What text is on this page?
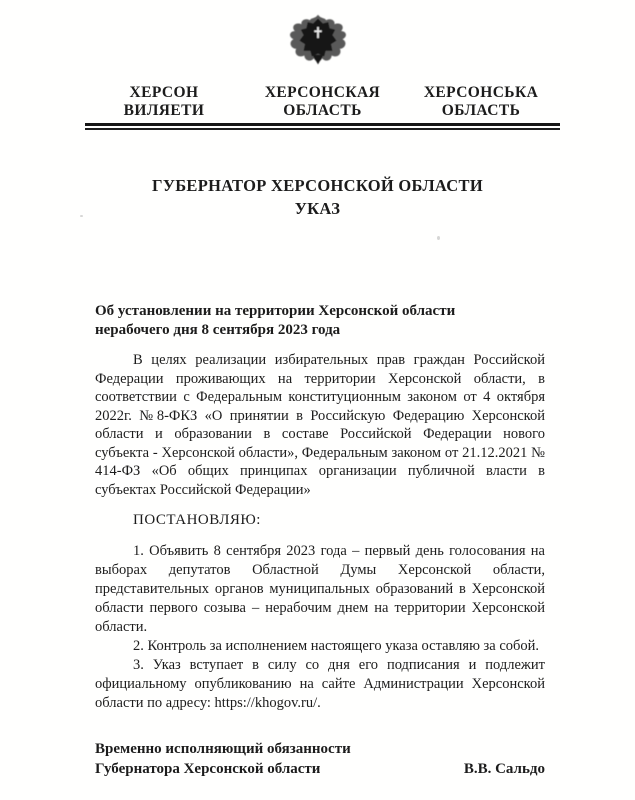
ХЕРСОН
ВИЛЯЕТИ
ХЕРСОНСКАЯ
ОБЛАСТЬ
ХЕРСОНСЬКА
ОБЛАСТЬ
ГУБЕРНАТОР ХЕРСОНСКОЙ ОБЛАСТИ
УКАЗ
Об установлении на территории Херсонской области
нерабочего дня 8 сентября 2023 года

В целях реализации избирательных прав граждан Российской Федерации проживающих на территории Херсонской области, в соответствии с Федеральным конституционным законом от 4 октября 2022г. №8-ФКЗ «О принятии в Российскую Федерацию Херсонской области и образовании в составе Российской Федерации нового субъекта - Херсонской области», Федеральным законом от 21.12.2021 № 414-ФЗ «Об общих принципах организации публичной власти в субъектах Российской Федерации»

ПОСТАНОВЛЯЮ:

1. Объявить 8 сентября 2023 года – первый день голосования на выборах депутатов Областной Думы Херсонской области, представительных органов муниципальных образований в Херсонской области первого созыва – нерабочим днем на территории Херсонской области.

2. Контроль за исполнением настоящего указа оставляю за собой.

3. Указ вступает в силу со дня его подписания и подлежит официальному опубликованию на сайте Администрации Херсонской области по адресу: https://khogov.ru/.

Временно исполняющий обязанности
Губернатора Херсонской области	В.В. Сальдо
